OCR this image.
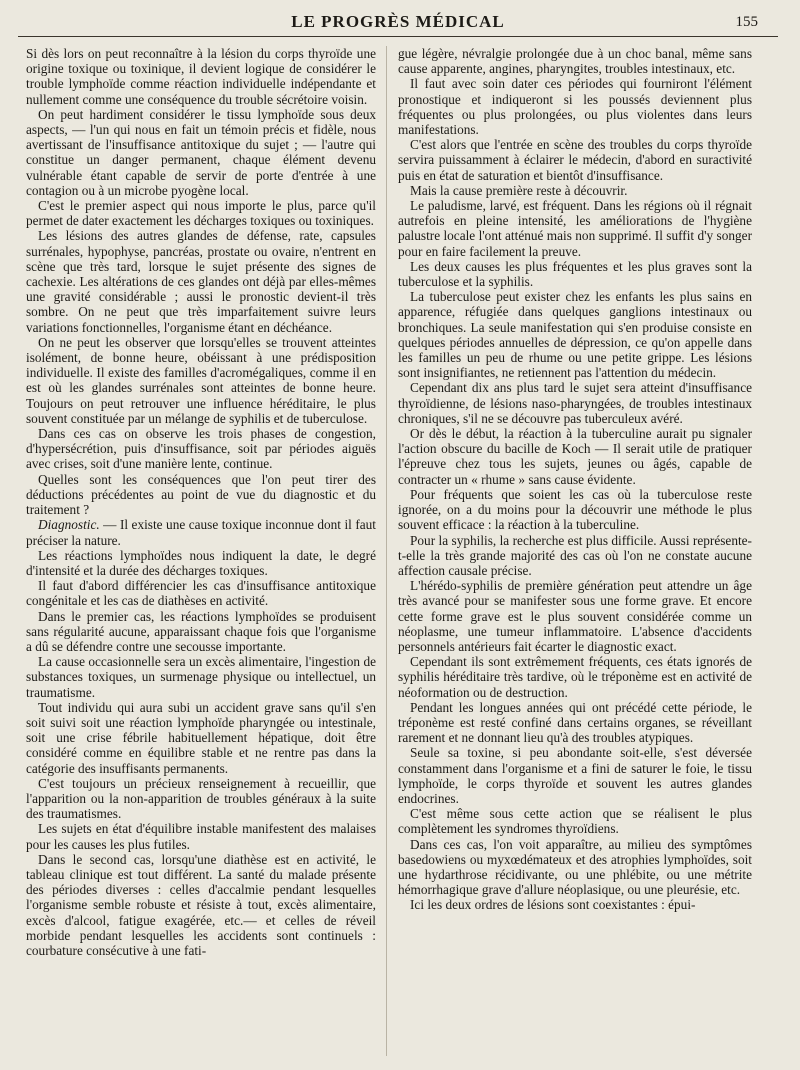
LE PROGRÈS MÉDICAL	155

Si dès lors on peut reconnaître à la lésion du corps thyroïde une origine toxique ou toxinique, il devient logique de considérer le trouble lymphoïde comme réaction individuelle indépendante et nullement comme une conséquence du trouble sécrétoire voisin.

On peut hardiment considérer le tissu lymphoïde sous deux aspects, — l'un qui nous en fait un témoin précis et fidèle, nous avertissant de l'insuffisance antitoxique du sujet ; — l'autre qui constitue un danger permanent, chaque élément devenu vulnérable étant capable de servir de porte d'entrée à une contagion ou à un microbe pyogène local.

C'est le premier aspect qui nous importe le plus, parce qu'il permet de dater exactement les décharges toxiques ou toxiniques.

Les lésions des autres glandes de défense, rate, capsules surrénales, hypophyse, pancréas, prostate ou ovaire, n'entrent en scène que très tard, lorsque le sujet présente des signes de cachexie. Les altérations de ces glandes ont déjà par elles-mêmes une gravité considérable ; aussi le pronostic devient-il très sombre. On ne peut que très imparfaitement suivre leurs variations fonctionnelles, l'organisme étant en déchéance.

On ne peut les observer que lorsqu'elles se trouvent atteintes isolément, de bonne heure, obéissant à une prédisposition individuelle. Il existe des familles d'acromégaliques, comme il en est où les glandes surrénales sont atteintes de bonne heure. Toujours on peut retrouver une influence héréditaire, le plus souvent constituée par un mélange de syphilis et de tuberculose.

Dans ces cas on observe les trois phases de congestion, d'hypersécrétion, puis d'insuffisance, soit par périodes aiguës avec crises, soit d'une manière lente, continue.

Quelles sont les conséquences que l'on peut tirer des déductions précédentes au point de vue du diagnostic et du traitement ?

Diagnostic. — Il existe une cause toxique inconnue dont il faut préciser la nature.

Les réactions lymphoïdes nous indiquent la date, le degré d'intensité et la durée des décharges toxiques.

Il faut d'abord différencier les cas d'insuffisance antitoxique congénitale et les cas de diathèses en activité.

Dans le premier cas, les réactions lymphoïdes se produisent sans régularité aucune, apparaissant chaque fois que l'organisme a dû se défendre contre une secousse importante.

La cause occasionnelle sera un excès alimentaire, l'ingestion de substances toxiques, un surmenage physique ou intellectuel, un traumatisme.

Tout individu qui aura subi un accident grave sans qu'il s'en soit suivi soit une réaction lymphoïde pharyngée ou intestinale, soit une crise fébrile habituellement hépatique, doit être considéré comme en équilibre stable et ne rentre pas dans la catégorie des insuffisants permanents.

C'est toujours un précieux renseignement à recueillir, que l'apparition ou la non-apparition de troubles généraux à la suite des traumatismes.

Les sujets en état d'équilibre instable manifestent des malaises pour les causes les plus futiles.

Dans le second cas, lorsqu'une diathèse est en activité, le tableau clinique est tout différent. La santé du malade présente des périodes diverses : celles d'accalmie pendant lesquelles l'organisme semble robuste et résiste à tout, excès alimentaire, excès d'alcool, fatigue exagérée, etc.— et celles de réveil morbide pendant lesquelles les accidents sont continuels : courbature consécutive à une fati-

gue légère, névralgie prolongée due à un choc banal, même sans cause apparente, angines, pharyngites, troubles intestinaux, etc.

Il faut avec soin dater ces périodes qui fourniront l'élément pronostique et indiqueront si les poussés deviennent plus fréquentes ou plus prolongées, ou plus violentes dans leurs manifestations.

C'est alors que l'entrée en scène des troubles du corps thyroïde servira puissamment à éclairer le médecin, d'abord en suractivité puis en état de saturation et bientôt d'insuffisance.

Mais la cause première reste à découvrir.

Le paludisme, larvé, est fréquent. Dans les régions où il régnait autrefois en pleine intensité, les améliorations de l'hygiène palustre locale l'ont atténué mais non supprimé. Il suffit d'y songer pour en faire facilement la preuve.

Les deux causes les plus fréquentes et les plus graves sont la tuberculose et la syphilis.

La tuberculose peut exister chez les enfants les plus sains en apparence, réfugiée dans quelques ganglions intestinaux ou bronchiques. La seule manifestation qui s'en produise consiste en quelques périodes annuelles de dépression, ce qu'on appelle dans les familles un peu de rhume ou une petite grippe. Les lésions sont insignifiantes, ne retiennent pas l'attention du médecin.

Cependant dix ans plus tard le sujet sera atteint d'insuffisance thyroïdienne, de lésions naso-pharyngées, de troubles intestinaux chroniques, s'il ne se découvre pas tuberculeux avéré.

Or dès le début, la réaction à la tuberculine aurait pu signaler l'action obscure du bacille de Koch — Il serait utile de pratiquer l'épreuve chez tous les sujets, jeunes ou âgés, capable de contracter un « rhume » sans cause évidente.

Pour fréquents que soient les cas où la tuberculose reste ignorée, on a du moins pour la découvrir une méthode le plus souvent efficace : la réaction à la tuberculine.

Pour la syphilis, la recherche est plus difficile. Aussi représente-t-elle la très grande majorité des cas où l'on ne constate aucune affection causale précise.

L'hérédo-syphilis de première génération peut attendre un âge très avancé pour se manifester sous une forme grave. Et encore cette forme grave est le plus souvent considérée comme un néoplasme, une tumeur inflammatoire. L'absence d'accidents personnels antérieurs fait écarter le diagnostic exact.

Cependant ils sont extrêmement fréquents, ces états ignorés de syphilis héréditaire très tardive, où le tréponème est en activité de néoformation ou de destruction.

Pendant les longues années qui ont précédé cette période, le tréponème est resté confiné dans certains organes, se réveillant rarement et ne donnant lieu qu'à des troubles atypiques.

Seule sa toxine, si peu abondante soit-elle, s'est déversée constamment dans l'organisme et a fini de saturer le foie, le tissu lymphoïde, le corps thyroïde et souvent les autres glandes endocrines.

C'est même sous cette action que se réalisent le plus complètement les syndromes thyroïdiens.

Dans ces cas, l'on voit apparaître, au milieu des symptômes basedowiens ou myxœdémateux et des atrophies lymphoïdes, soit une hydarthrose récidivante, ou une phlébite, ou une métrite hémorrhagique grave d'allure néoplasique, ou une pleurésie, etc.

Ici les deux ordres de lésions sont coexistantes : épui-
